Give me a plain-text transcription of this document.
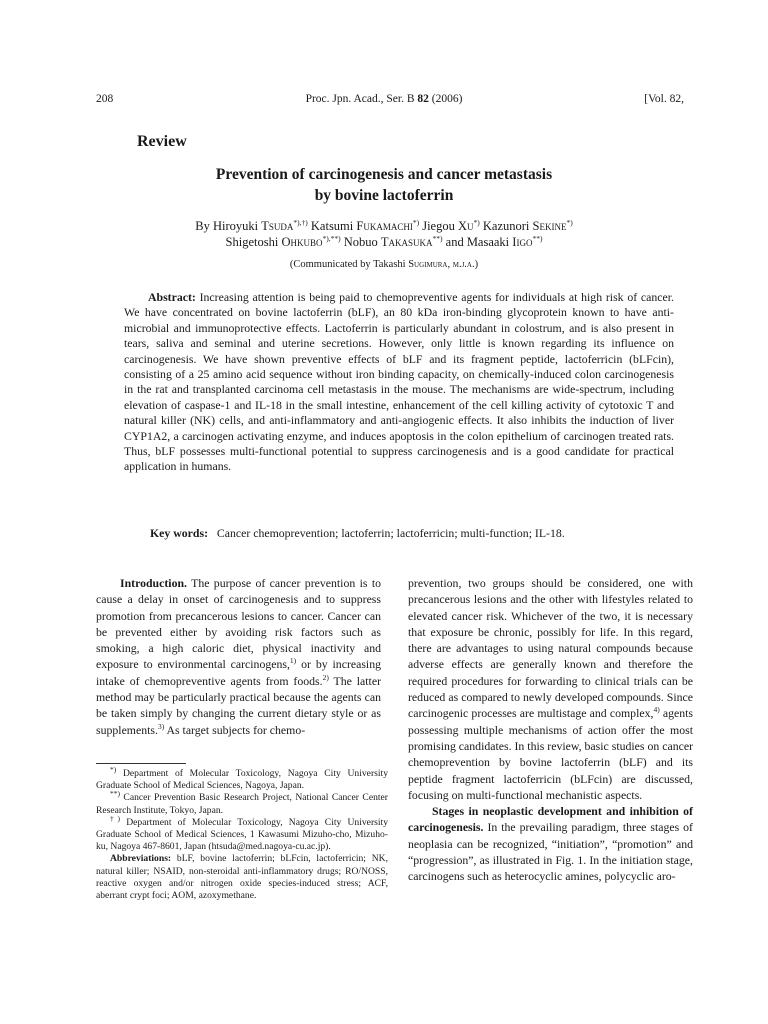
208	Proc. Jpn. Acad., Ser. B 82 (2006)	[Vol. 82,
Review
Prevention of carcinogenesis and cancer metastasis
by bovine lactoferrin
By Hiroyuki Tsuda*),†) Katsumi Fukamachi*) Jiegou Xu*) Kazunori Sekine*)
Shigetoshi Ohkubo*),**) Nobuo Takasuka**) and Masaaki Iigo**)
(Communicated by Takashi Sugimura, m.j.a.)
Abstract: Increasing attention is being paid to chemopreventive agents for individuals at high risk of cancer. We have concentrated on bovine lactoferrin (bLF), an 80 kDa iron-binding glycoprotein known to have anti-microbial and immunoprotective effects. Lactoferrin is particularly abundant in colostrum, and is also present in tears, saliva and seminal and uterine secretions. However, only little is known regarding its influence on carcinogenesis. We have shown preventive effects of bLF and its fragment peptide, lactoferricin (bLFcin), consisting of a 25 amino acid sequence without iron binding capacity, on chemically-induced colon carcinogenesis in the rat and transplanted carcinoma cell metastasis in the mouse. The mechanisms are wide-spectrum, including elevation of caspase-1 and IL-18 in the small intestine, enhancement of the cell killing activity of cytotoxic T and natural killer (NK) cells, and anti-inflammatory and anti-angiogenic effects. It also inhibits the induction of liver CYP1A2, a carcinogen activating enzyme, and induces apoptosis in the colon epithelium of carcinogen treated rats. Thus, bLF possesses multi-functional potential to suppress carcinogenesis and is a good candidate for practical application in humans.
Key words: Cancer chemoprevention; lactoferrin; lactoferricin; multi-function; IL-18.

Introduction. The purpose of cancer prevention is to cause a delay in onset of carcinogenesis and to suppress promotion from precancerous lesions to cancer. Cancer can be prevented either by avoiding risk factors such as smoking, a high caloric diet, physical inactivity and exposure to environmental carcinogens,$^{1)}$ or by increasing intake of chemopreventive agents from foods.$^{2)}$ The latter method may be particularly practical because the agents can be taken simply by changing the current dietary style or as supplements.$^{3)}$ As target subjects for chemo-

*) Department of Molecular Toxicology, Nagoya City University Graduate School of Medical Sciences, Nagoya, Japan.

**) Cancer Prevention Basic Research Project, National Cancer Center Research Institute, Tokyo, Japan.

†) Department of Molecular Toxicology, Nagoya City University Graduate School of Medical Sciences, 1 Kawasumi Mizuho-cho, Mizuho-ku, Nagoya 467-8601, Japan (htsuda@med.nagoya-cu.ac.jp).

Abbreviations: bLF, bovine lactoferrin; bLFcin, lactoferricin; NK, natural killer; NSAID, non-steroidal anti-inflammatory drugs; RO/NOSS, reactive oxygen and/or nitrogen oxide species-induced stress; ACF, aberrant crypt foci; AOM, azoxymethane.

prevention, two groups should be considered, one with precancerous lesions and the other with lifestyles related to elevated cancer risk. Whichever of the two, it is necessary that exposure be chronic, possibly for life. In this regard, there are advantages to using natural compounds because adverse effects are generally known and therefore the required procedures for forwarding to clinical trials can be reduced as compared to newly developed compounds. Since carcinogenic processes are multistage and complex,$^{4)}$ agents possessing multiple mechanisms of action offer the most promising candidates. In this review, basic studies on cancer chemoprevention by bovine lactoferrin (bLF) and its peptide fragment lactoferricin (bLFcin) are discussed, focusing on multi-functional mechanistic aspects.

Stages in neoplastic development and inhibition of carcinogenesis. In the prevailing paradigm, three stages of neoplasia can be recognized, “initiation”, “promotion” and “progression”, as illustrated in Fig. 1. In the initiation stage, carcinogens such as heterocyclic amines, polycyclic aro-
